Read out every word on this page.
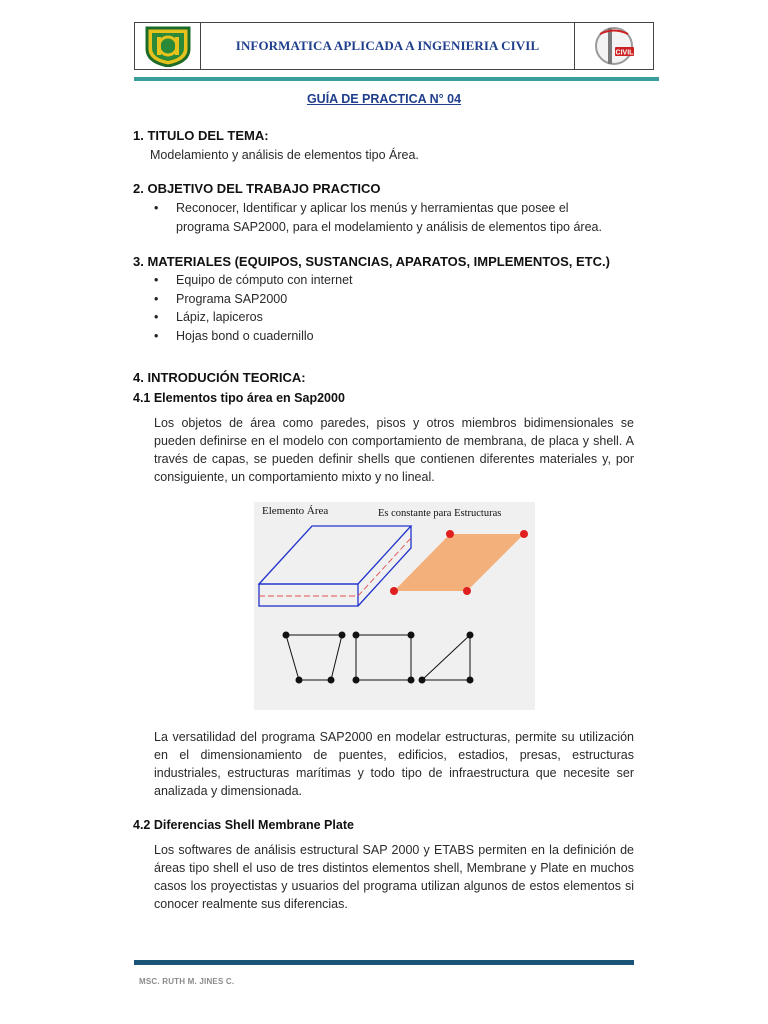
INFORMATICA APLICADA A INGENIERIA CIVIL	CIVIL
GUÍA DE PRACTICA N° 04
1. TITULO DEL TEMA:
Modelamiento y análisis de elementos tipo Área.
2. OBJETIVO DEL TRABAJO PRACTICO
• Reconocer, Identificar y aplicar los menús y herramientas que posee el programa SAP2000, para el modelamiento y análisis de elementos tipo área.
3. MATERIALES (EQUIPOS, SUSTANCIAS, APARATOS, IMPLEMENTOS, ETC.)
• Equipo de cómputo con internet
• Programa SAP2000
• Lápiz, lapiceros
• Hojas bond o cuadernillo
4. INTRODUCIÓN TEORICA:
4.1 Elementos tipo área en Sap2000
Los objetos de área como paredes, pisos y otros miembros bidimensionales se pueden definirse en el modelo con comportamiento de membrana, de placa y shell. A través de capas, se pueden definir shells que contienen diferentes materiales y, por consiguiente, un comportamiento mixto y no lineal.
Elemento Área	Es constante para Estructuras
La versatilidad del programa SAP2000 en modelar estructuras, permite su utilización en el dimensionamiento de puentes, edificios, estadios, presas, estructuras industriales, estructuras marítimas y todo tipo de infraestructura que necesite ser analizada y dimensionada.
4.2 Diferencias Shell Membrane Plate
Los softwares de análisis estructural SAP 2000 y ETABS permiten en la definición de áreas tipo shell el uso de tres distintos elementos shell, Membrane y Plate en muchos casos los proyectistas y usuarios del programa utilizan algunos de estos elementos si conocer realmente sus diferencias.
MSC. RUTH M. JINES C.
